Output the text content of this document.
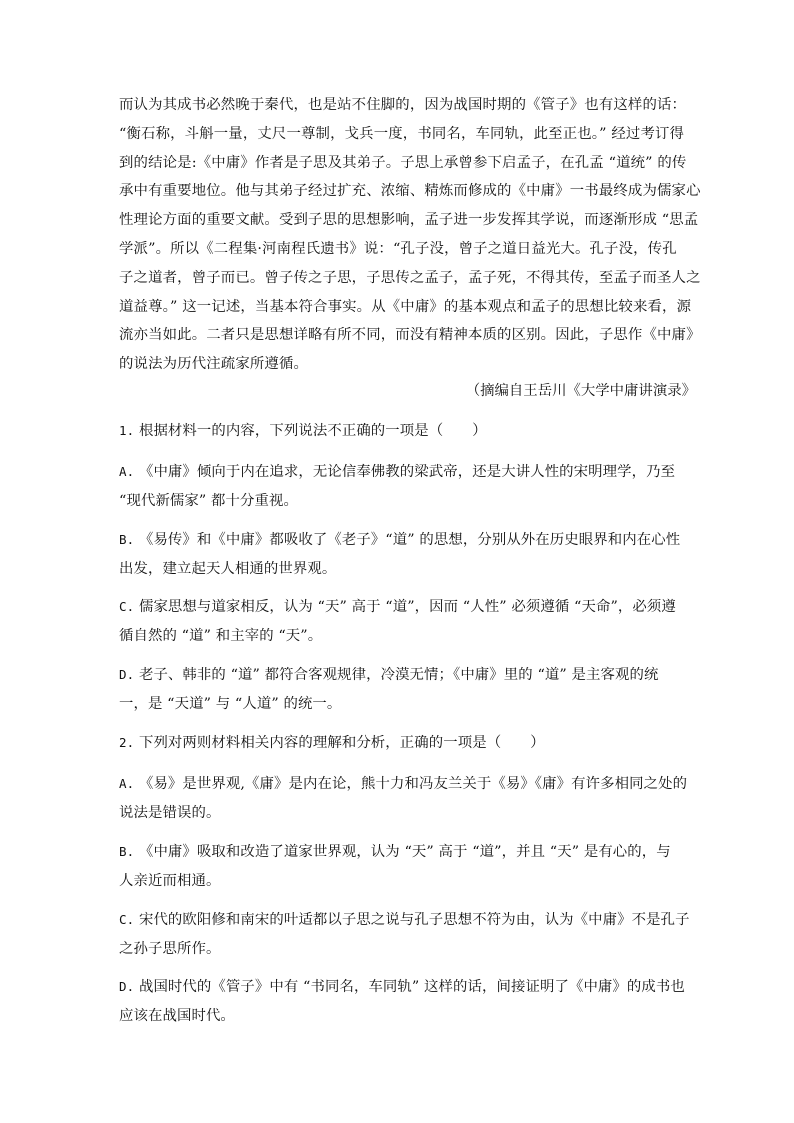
而认为其成书必然晚于秦代，也是站不住脚的，因为战国时期的《管子》也有这样的话：
“衡石称，斗斛一量，丈尺一尊制，戈兵一度，书同名，车同轨，此至正也。” 经过考订得
到的结论是:《中庸》作者是子思及其弟子。子思上承曾参下启孟子，在孔孟 “道统” 的传
承中有重要地位。他与其弟子经过扩充、浓缩、精炼而修成的《中庸》一书最终成为儒家心
性理论方面的重要文献。受到子思的思想影响，孟子进一步发挥其学说，而逐渐形成 “思孟
学派”。所以《二程集·河南程氏遗书》说：“孔子没，曾子之道日益光大。孔子没，传孔
子之道者，曾子而已。曾子传之子思，子思传之孟子，孟子死，不得其传，至孟子而圣人之
道益尊。” 这一记述，当基本符合事实。从《中庸》的基本观点和孟子的思想比较来看，源
流亦当如此。二者只是思想详略有所不同，而没有精神本质的区别。因此，子思作《中庸》
的说法为历代注疏家所遵循。
（摘编自王岳川《大学中庸讲演录》
1. 根据材料一的内容，下列说法不正确的一项是（　　）
A. 《中庸》倾向于内在追求，无论信奉佛教的梁武帝，还是大讲人性的宋明理学，乃至
“现代新儒家” 都十分重视。
B. 《易传》和《中庸》都吸收了《老子》“道” 的思想，分别从外在历史眼界和内在心性
出发，建立起天人相通的世界观。
C. 儒家思想与道家相反，认为 “天” 高于 “道”，因而 “人性” 必须遵循 “天命”，必须遵
循自然的 “道” 和主宰的 “天”。
D. 老子、韩非的 “道” 都符合客观规律，冷漠无情；《中庸》里的 “道” 是主客观的统
一，是 “天道” 与 “人道” 的统一。
2. 下列对两则材料相关内容的理解和分析，正确的一项是（　　）
A. 《易》是世界观,《庸》是内在论，熊十力和冯友兰关于《易》《庸》有许多相同之处的
说法是错误的。
B. 《中庸》吸取和改造了道家世界观，认为 “天” 高于 “道”，并且 “天” 是有心的，与
人亲近而相通。
C. 宋代的欧阳修和南宋的叶适都以子思之说与孔子思想不符为由，认为《中庸》不是孔子
之孙子思所作。
D. 战国时代的《管子》中有 “书同名，车同轨” 这样的话，间接证明了《中庸》的成书也
应该在战国时代。
